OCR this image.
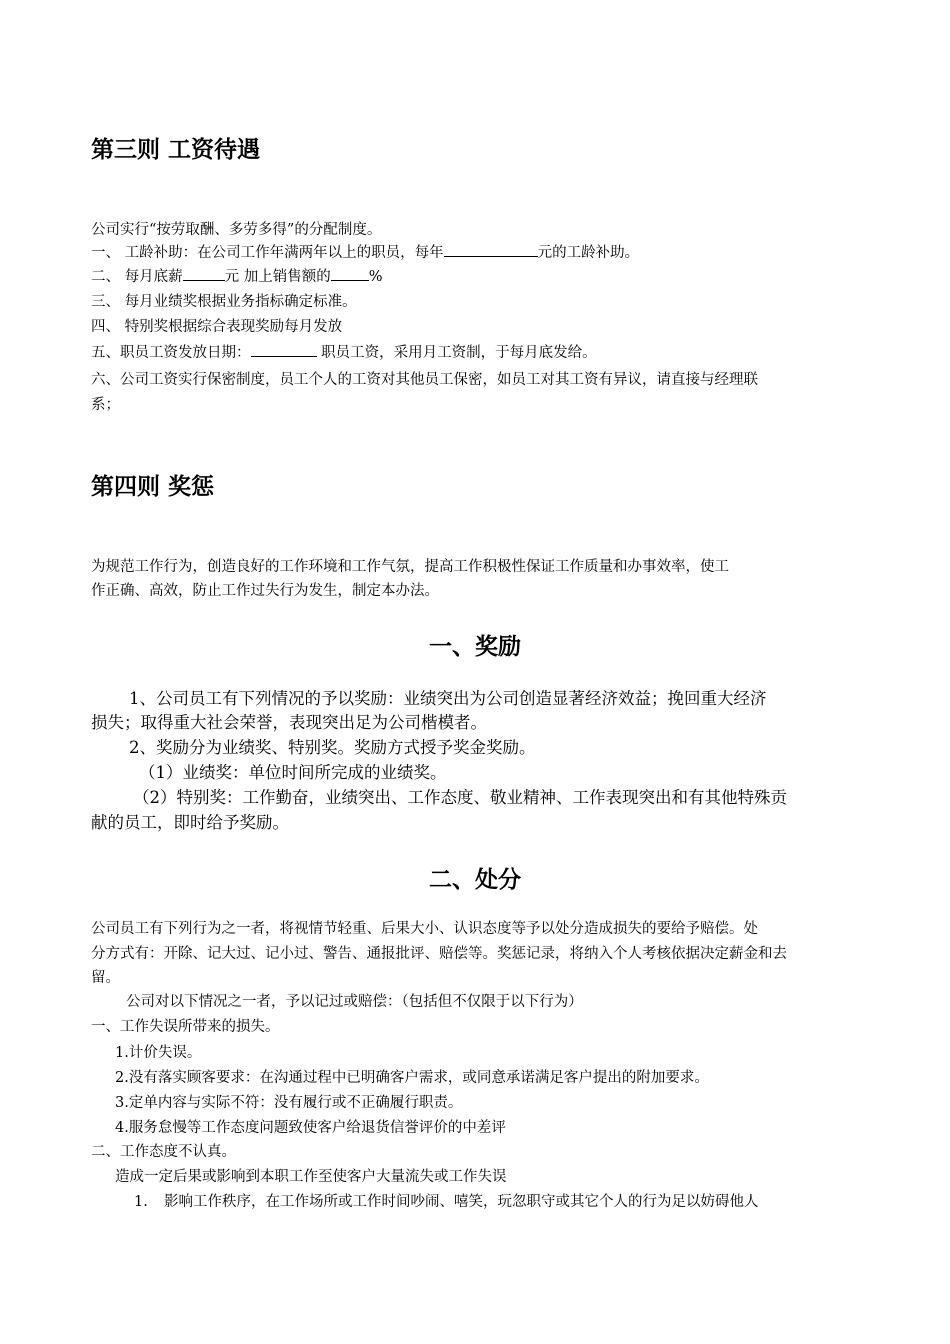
第三则 工资待遇
公司实行“按劳取酬、多劳多得”的分配制度。
一、 工龄补助：在公司工作年满两年以上的职员，每年	元的工龄补助。
二、 每月底薪	元 加上销售额的	%
三、 每月业绩奖根据业务指标确定标准。
四、 特别奖根据综合表现奖励每月发放
五、职员工资发放日期：	职员工资，采用月工资制，于每月底发给。
六、公司工资实行保密制度，员工个人的工资对其他员工保密，如员工对其工资有异议，请直接与经理联
系；
第四则 奖惩
为规范工作行为，创造良好的工作环境和工作气氛，提高工作积极性保证工作质量和办事效率，使工
作正确、高效，防止工作过失行为发生，制定本办法。
一、奖励
1、公司员工有下列情况的予以奖励：业绩突出为公司创造显著经济效益；挽回重大经济
损失；取得重大社会荣誉，表现突出足为公司楷模者。
2、奖励分为业绩奖、特别奖。奖励方式授予奖金奖励。
（1）业绩奖：单位时间所完成的业绩奖。
（2）特别奖：工作勤奋，业绩突出、工作态度、敬业精神、工作表现突出和有其他特殊贡
献的员工，即时给予奖励。
二、处分
公司员工有下列行为之一者，将视情节轻重、后果大小、认识态度等予以处分造成损失的要给予赔偿。处
分方式有：开除、记大过、记小过、警告、通报批评、赔偿等。奖惩记录，将纳入个人考核依据决定薪金和去
留。
公司对以下情况之一者，予以记过或赔偿：（包括但不仅限于以下行为）
一、工作失误所带来的损失。
1.计价失误。
2.没有落实顾客要求：在沟通过程中已明确客户需求，或同意承诺满足客户提出的附加要求。
3.定单内容与实际不符：没有履行或不正确履行职责。
4.服务怠慢等工作态度问题致使客户给退货信誉评价的中差评
二、工作态度不认真。
造成一定后果或影响到本职工作至使客户大量流失或工作失误
1. 影响工作秩序，在工作场所或工作时间吵闹、嘻笑，玩忽职守或其它个人的行为足以妨碍他人
